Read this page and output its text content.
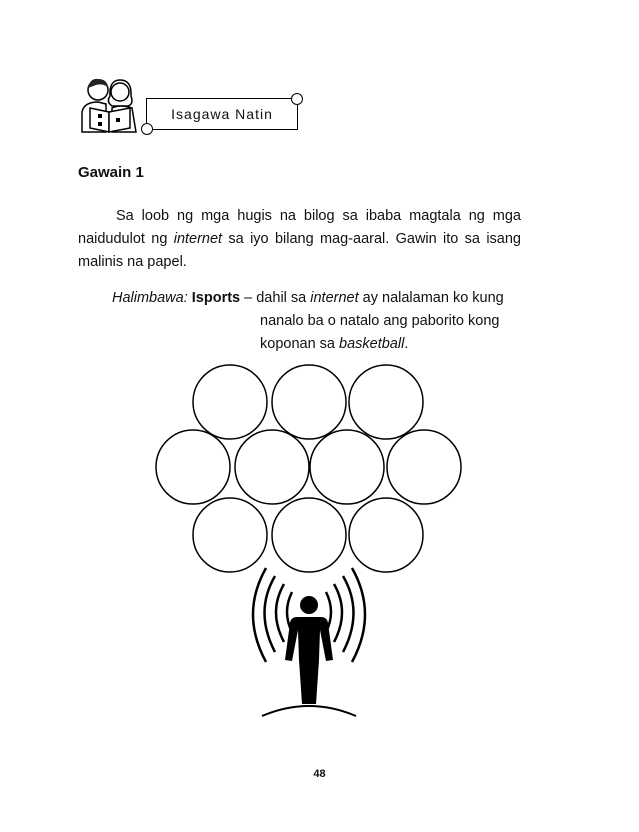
Isagawa Natin
Gawain 1
Sa loob ng mga hugis na bilog sa ibaba magtala ng mga naidudulot ng internet sa iyo bilang mag-aaral. Gawin ito sa isang malinis na papel.
Halimbawa: Isports – dahil sa internet ay nalalaman ko kung
nanalo ba o natalo ang paborito kong
koponan sa basketball.
48
